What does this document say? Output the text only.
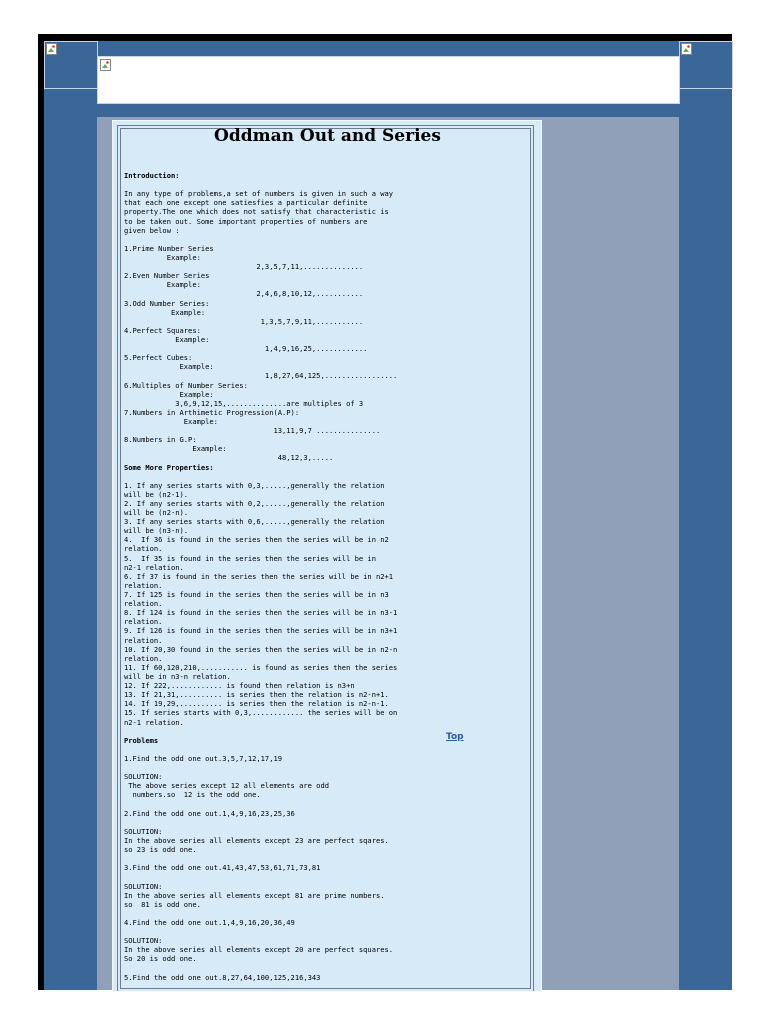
Oddman Out and Series
Introduction:
In any type of problems,a set of numbers is given in such a way
that each one except one satiesfies a particular definite
property.The one which does not satisfy that characteristic is
to be taken out. Some important properties of numbers are
given below :
1.Prime Number Series
Example:
2,3,5,7,11,..............
2.Even Number Series
Example:
2,4,6,8,10,12,...........
3.Odd Number Series:
Example:
1,3,5,7,9,11,...........
4.Perfect Squares:
Example:
1,4,9,16,25,............
5.Perfect Cubes:
Example:
1,8,27,64,125,.................
6.Multiples of Number Series:
Example:
3,6,9,12,15,..............are multiples of 3
7.Numbers in Arthimetic Progression(A.P):
Example:
13,11,9,7 ...............
8.Numbers in G.P:
Example:
48,12,3,.....
Some More Properties:
1. If any series starts with 0,3,.....,generally the relation
will be (n2-1).
2. If any series starts with 0,2,.....,generally the relation
will be (n2-n).
3. If any series starts with 0,6,.....,generally the relation
will be (n3-n).
4.  If 36 is found in the series then the series will be in n2
relation.
5.  If 35 is found in the series then the series will be in
n2-1 relation.
6. If 37 is found in the series then the series will be in n2+1
relation.
7. If 125 is found in the series then the series will be in n3
relation.
8. If 124 is found in the series then the series will be in n3-1
relation.
9. If 126 is found in the series then the series will be in n3+1
relation.
10. If 20,30 found in the series then the series will be in n2-n
relation.
11. If 60,120,210,........... is found as series then the series
will be in n3-n relation.
12. If 222,............ is found then relation is n3+n
13. If 21,31,.......... is series then the relation is n2-n+1.
14. If 19,29,.......... is series then the relation is n2-n-1.
15. If series starts with 0,3,............ the series will be on
n2-1 relation.
Problems
1.Find the odd one out.3,5,7,12,17,19
SOLUTION:
The above series except 12 all elements are odd
numbers.so  12 is the odd one.
2.Find the odd one out.1,4,9,16,23,25,36
SOLUTION:
In the above series all elements except 23 are perfect sqares.
so 23 is odd one.
3.Find the odd one out.41,43,47,53,61,71,73,81
SOLUTION:
In the above series all elements except 81 are prime numbers.
so  81 is odd one.
4.Find the odd one out.1,4,9,16,20,36,49
SOLUTION:
In the above series all elements except 20 are perfect squares.
So 20 is odd one.
5.Find the odd one out.8,27,64,100,125,216,343
Top
